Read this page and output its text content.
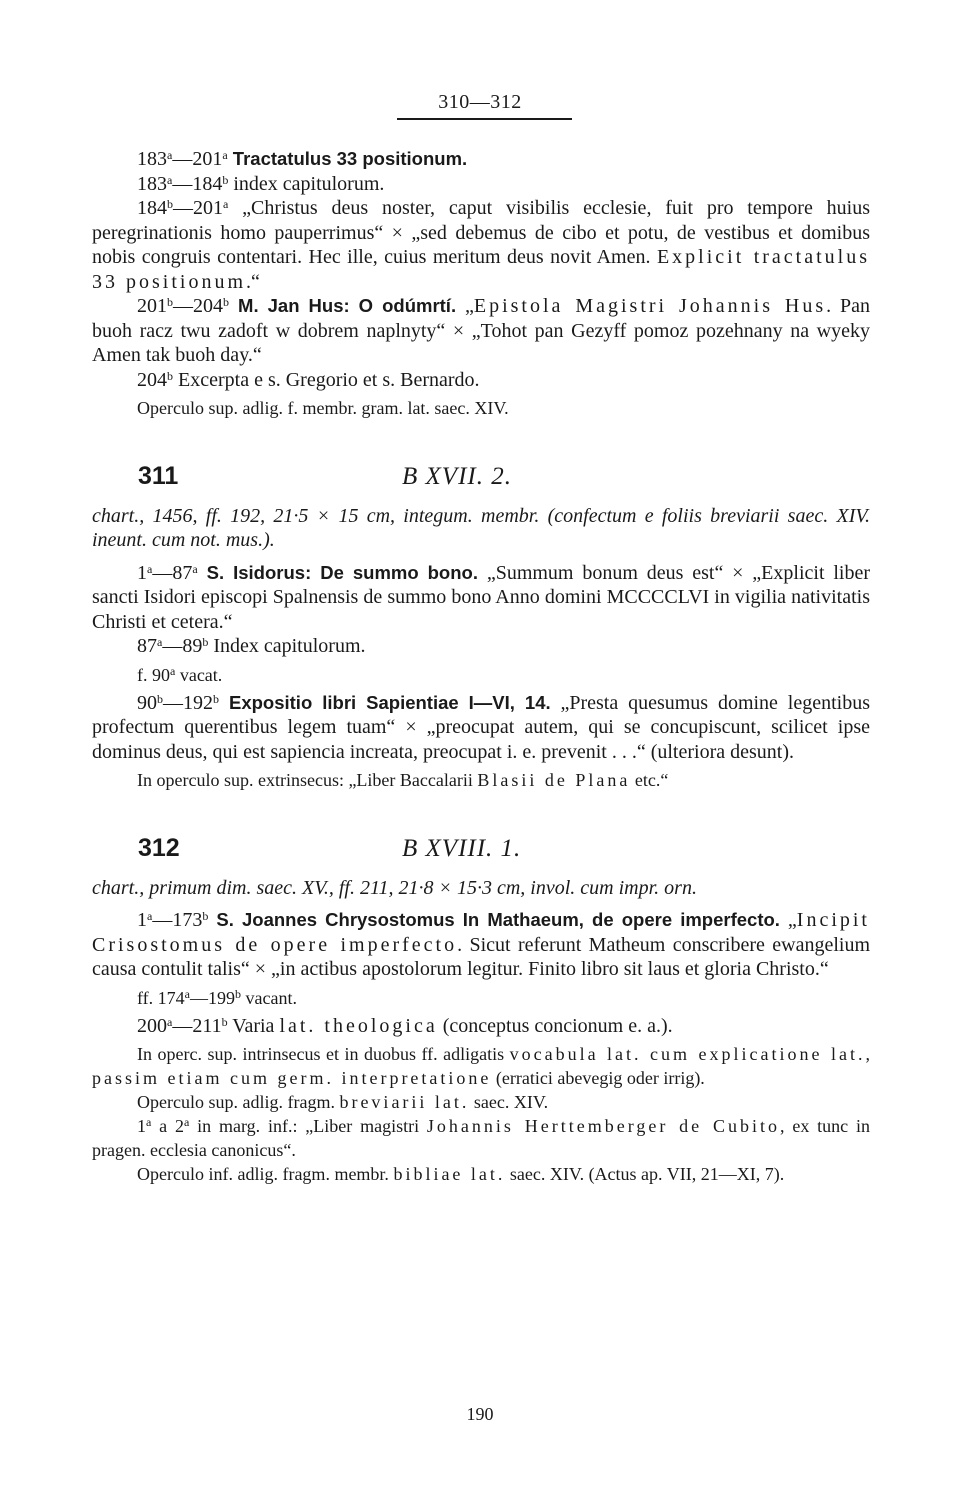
310—312

183$^a$—201$^a$ Tractatulus 33 positionum.

183$^a$—184$^b$ index capitulorum.

184$^b$—201$^a$ „Christus deus noster, caput visibilis ecclesie, fuit pro tempore huius peregrinationis homo pauperrimus“ × „sed debemus de cibo et potu, de vestibus et domibus nobis congruis contentari. Hec ille, cuius meritum deus novit Amen. Explicit tractatulus 33 positionum.“

201$^b$—204$^b$ M. Jan Hus: O odúmrtí. „Epistola Magistri Johannis Hus. Pan buoh racz twu zadoft w dobrem naplnyty“ × „Tohot pan Gezyff pomoz pozehnany na wyeky Amen tak buoh day.“

204$^b$ Excerpta e s. Gregorio et s. Bernardo.

Operculo sup. adlig. f. membr. gram. lat. saec. XIV.

311	B XVII. 2.

chart., 1456, ff. 192, 21·5 × 15 cm, integum. membr. (confectum e foliis breviarii saec. XIV. ineunt. cum not. mus.).

1$^a$—87$^a$ S. Isidorus: De summo bono. „Summum bonum deus est“ × „Explicit liber sancti Isidori episcopi Spalnensis de summo bono Anno domini MCCCCLVI in vigilia nativitatis Christi et cetera.“

87$^a$—89$^b$ Index capitulorum.

f. 90$^a$ vacat.

90$^b$—192$^b$ Expositio libri Sapientiae I—VI, 14. „Presta quesumus domine legentibus profectum querentibus legem tuam“ × „preocupat autem, qui se concupiscunt, scilicet ipse dominus deus, qui est sapiencia increata, preocupat i. e. prevenit . . .“ (ulteriora desunt).

In operculo sup. extrinsecus: „Liber Baccalarii Blasii de Plana etc.“

312	B XVIII. 1.

chart., primum dim. saec. XV., ff. 211, 21·8 × 15·3 cm, invol. cum impr. orn.

1$^a$—173$^b$ S. Joannes Chrysostomus In Mathaeum, de opere imperfecto. „Incipit Crisostomus de opere imperfecto. Sicut referunt Matheum conscribere ewangelium causa contulit talis“ × „in actibus apostolorum legitur. Finito libro sit laus et gloria Christo.“

ff. 174$^a$—199$^b$ vacant.

200$^a$—211$^b$ Varia lat. theologica (conceptus concionum e. a.).

In operc. sup. intrinsecus et in duobus ff. adligatis vocabula lat. cum explicatione lat., passim etiam cum germ. interpretatione (erratici abevegig oder irrig).

Operculo sup. adlig. fragm. breviarii lat. saec. XIV.

1$^a$ a 2$^a$ in marg. inf.: „Liber magistri Johannis Herttemberger de Cubito, ex tunc in pragen. ecclesia canonicus“.

Operculo inf. adlig. fragm. membr. bibliae lat. saec. XIV. (Actus ap. VII, 21—XI, 7).

190
